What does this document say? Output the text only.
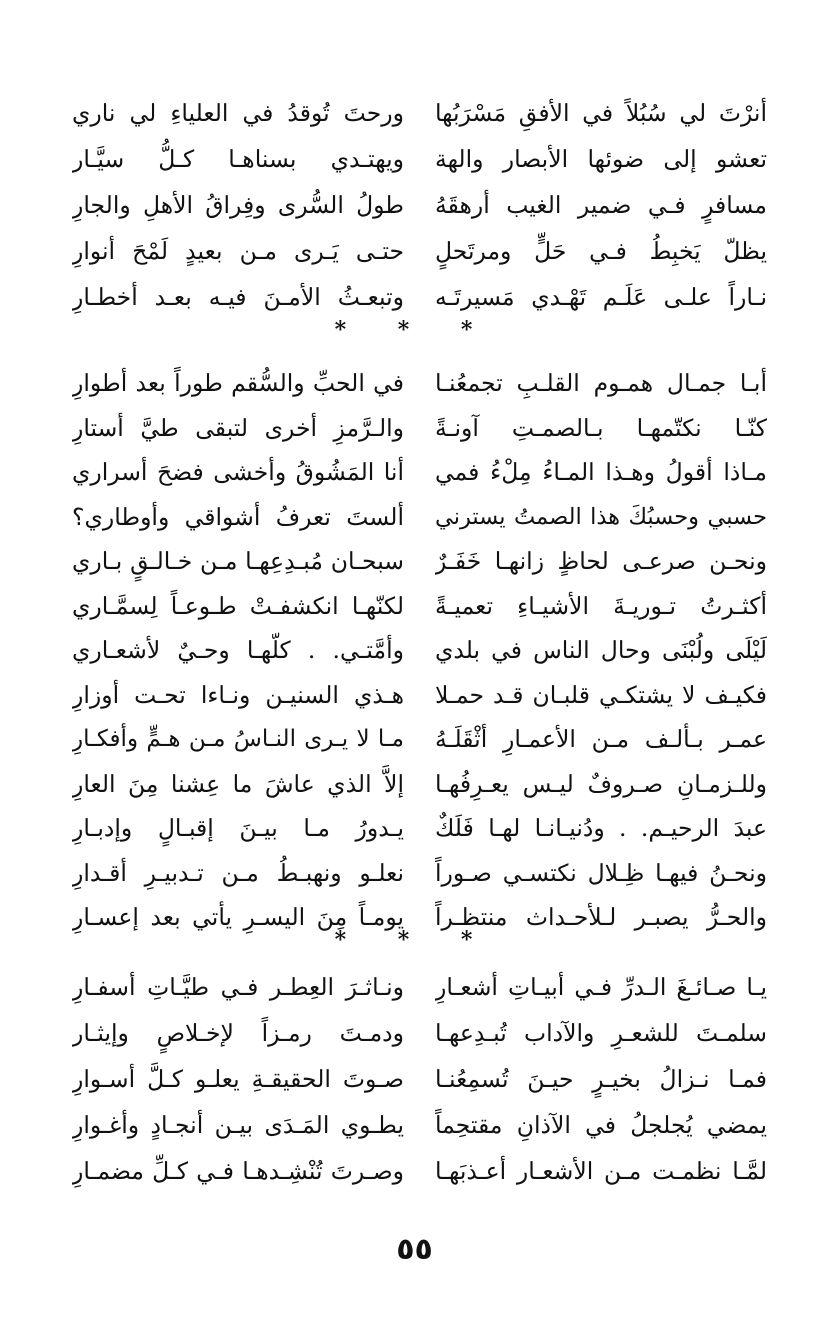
أنرْتَ لي سُبُلاً في الأفقِ مَسْرَبُها
ورحتَ تُوقدُ في العلياءِ لي ناري
تعشو إلى ضوئها الأبصار والهة
ويهتـدي بسناهـا كـلُّ سيَّـار
مسافرٍ فـي ضمير الغيب أرهقَهُ
طولُ السُّرى وفِراقُ الأهلِ والجارِ
يظلّ يَخبِطُ فـي حَلٍّ ومرتَحلٍ
حتـى يَـرى مـن بعيدٍ لَمْحَ أنوارِ
نـاراً علـى عَلَـم تَهْـدي مَسيرتَـه
وتبعـثُ الأمـنَ فيـه بعـد أخطـارِ
* * *
أبـا جمـال همـوم القلـبِ تجمعُنـا
في الحبِّ والسُّقم طوراً بعد أطوارِ
كنّـا نكتّمهـا بـالصمـتِ آونـةً
والـرَّمزِ أخرى لتبقى طيَّ أستارِ
مـاذا أقولُ وهـذا المـاءُ مِلْءُ فمي
أنا المَشُوقُ وأخشى فضحَ أسراري
حسبي وحسبُكَ هذا الصمتُ يسترني
ألستَ تعرفُ أشواقي وأوطاري؟
ونحـن صرعـى لحاظٍ زانهـا خَفَـرٌ
سبحـان مُبـدِعِهـا مـن خـالـقٍ بـاري
أكثـرتُ تـوريـةَ الأشيـاءِ تعميـةً
لكنّهـا انكشفـتْ طـوعـاً لِسمَّـاري
لَيْلَى ولُبْنَى وحال الناس في بلدي
وأمَّتـي. . كلّهـا وحـيٌ لأشعـاري
فكيـف لا يشتكـي قلبـان قـد حمـلا
هـذي السنيـن ونـاءا تحـت أوزارِ
عمـر بـألـف مـن الأعمـارِ أثْقَلَـهُ
مـا لا يـرى النـاسُ مـن هـمٍّ وأفكـارِ
وللـزمـانِ صـروفٌ ليـس يعـرِفُهـا
إلاَّ الذي عاشَ ما عِشنا مِنَ العارِ
عبدَ الرحيـم. . ودُنيـانـا لهـا فَلَكٌ
يـدورُ مـا بيـنَ إقبـالٍ وإدبـارِ
ونحـنُ فيهـا ظِـلال نكتسـي صـوراً
نعلـو ونهبـطُ مـن تـدبيـرِ أقـدارِ
والحـرُّ يصبـر لـلأحـداث منتظـراً
يومـاً مِنَ اليسـرِ يأتي بعد إعسـارِ
* * *
يـا صـائـغَ الـدرِّ فـي أبيـاتِ أشعـارِ
ونـاثـرَ العِطـر فـي طيَّـاتِ أسفـارِ
سلمـتَ للشعـرِ والآداب تُبـدِعهـا
ودمـتَ رمـزاً لإخـلاصٍ وإيثـار
فمـا نـزالُ بخيـرٍ حيـنَ تُسمِعُنـا
صـوتَ الحقيقـةِ يعلـو كـلَّ أسـوارِ
يمضي يُجلجلُ في الآذانِ مقتحِماً
يطـوي المَـدَى بيـن أنجـادٍ وأغـوارِ
لمَّـا نظمـت مـن الأشعـار أعـذبَهـا
وصـرتَ تُنْشِـدهـا فـي كـلِّ مضمـارِ
٥٥
